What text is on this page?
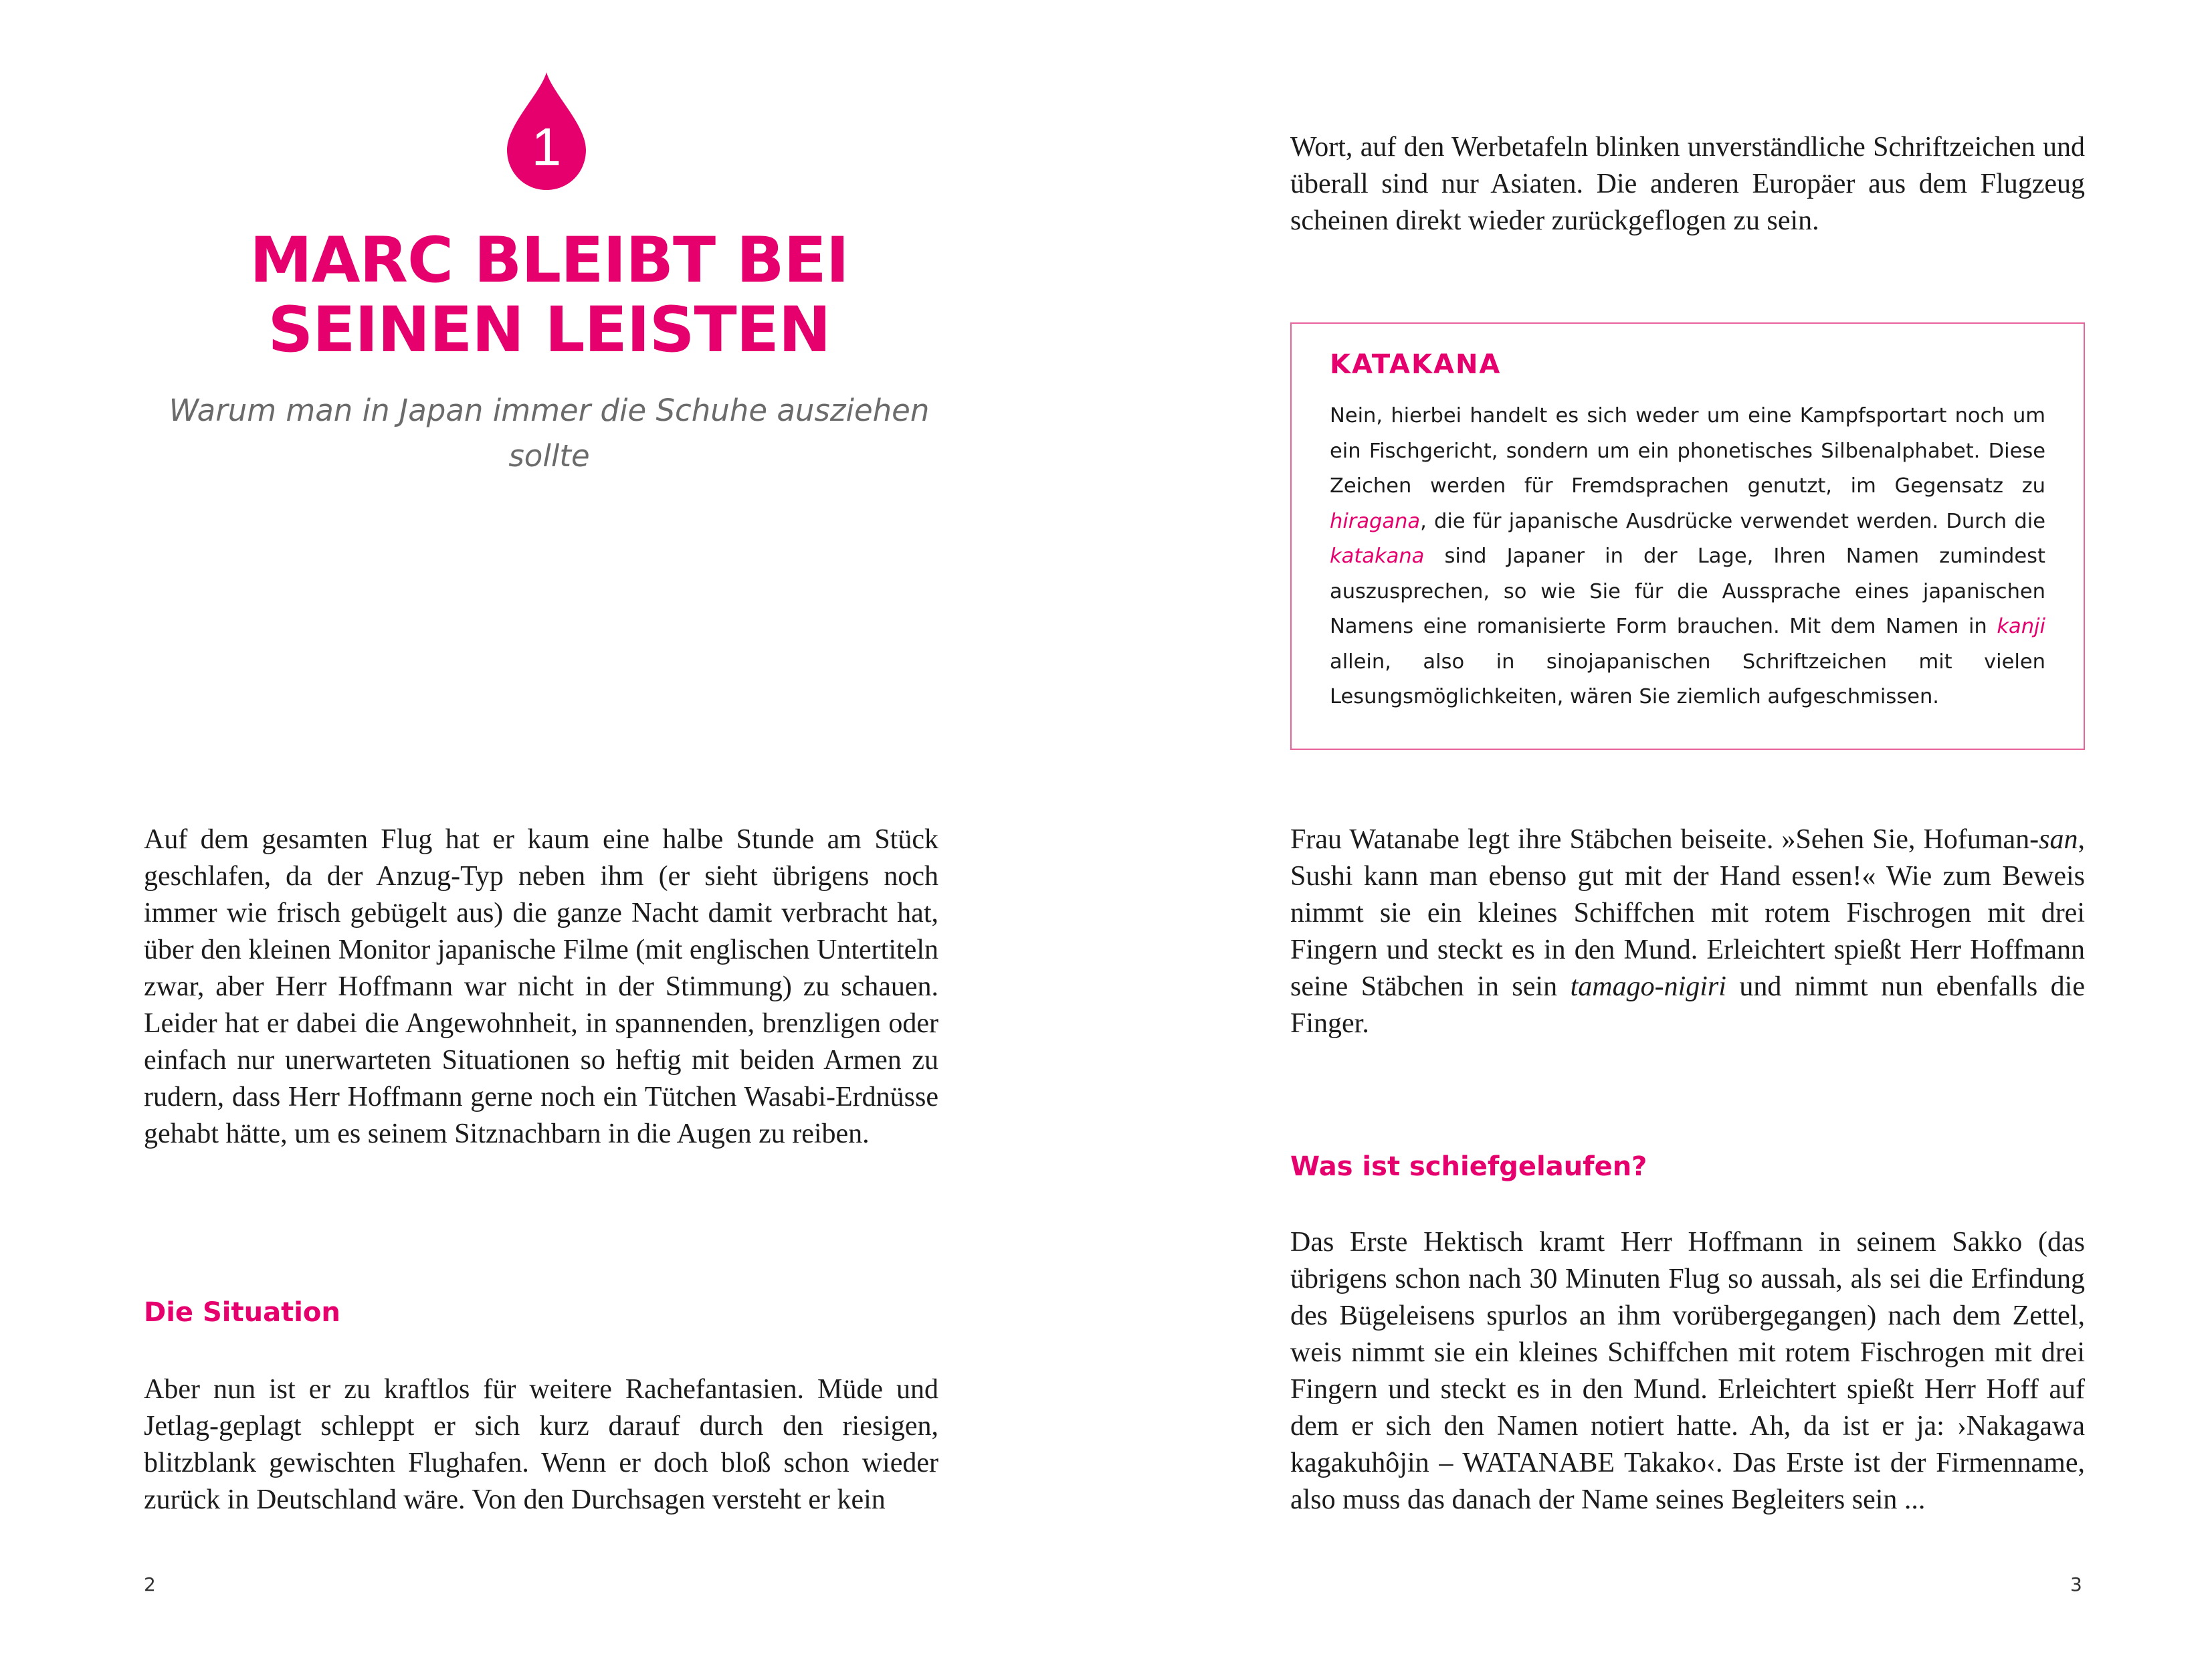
1
MARC BLEIBT BEI SEINEN LEISTEN

Warum man in Japan immer die Schuhe ausziehen sollte

Auf dem gesamten Flug hat er kaum eine halbe Stunde am Stück geschlafen, da der Anzug-Typ neben ihm (er sieht übrigens noch immer wie frisch gebügelt aus) die ganze Nacht damit verbracht hat, über den kleinen Monitor japanische Filme (mit englischen Untertiteln zwar, aber Herr Hoffmann war nicht in der Stimmung) zu schauen. Leider hat er dabei die Angewohnheit, in spannenden, brenzligen oder einfach nur unerwarteten Situationen so heftig mit beiden Armen zu rudern, dass Herr Hoffmann gerne noch ein Tütchen Wasabi-Erdnüsse gehabt hätte, um es seinem Sitznachbarn in die Augen zu reiben.

Die Situation

Aber nun ist er zu kraftlos für weitere Rachefantasien. Müde und Jetlag-geplagt schleppt er sich kurz darauf durch den riesigen, blitzblank gewischten Flughafen. Wenn er doch bloß schon wieder zurück in Deutschland wäre. Von den Durchsagen versteht er kein

2

Wort, auf den Werbetafeln blinken unverständliche Schriftzeichen und überall sind nur Asiaten. Die anderen Europäer aus dem Flugzeug scheinen direkt wieder zurückgeflogen zu sein.

KATAKANA

Nein, hierbei handelt es sich weder um eine Kampfsportart noch um ein Fischgericht, sondern um ein phonetisches Silbenalphabet. Diese Zeichen werden für Fremdsprachen genutzt, im Gegensatz zu hiragana, die für japanische Ausdrücke verwendet werden. Durch die katakana sind Japaner in der Lage, Ihren Namen zumindest auszusprechen, so wie Sie für die Aussprache eines japanischen Namens eine romanisierte Form brauchen. Mit dem Namen in kanji allein, also in sinojapanischen Schriftzeichen mit vielen Lesungsmöglichkeiten, wären Sie ziemlich aufgeschmissen.

Frau Watanabe legt ihre Stäbchen beiseite. »Sehen Sie, Hofuman-san, Sushi kann man ebenso gut mit der Hand essen!« Wie zum Beweis nimmt sie ein kleines Schiffchen mit rotem Fischrogen mit drei Fingern und steckt es in den Mund. Erleichtert spießt Herr Hoffmann seine Stäbchen in sein tamago-nigiri und nimmt nun ebenfalls die Finger.

Was ist schiefgelaufen?

Das Erste Hektisch kramt Herr Hoffmann in seinem Sakko (das übrigens schon nach 30 Minuten Flug so aussah, als sei die Erfindung des Bügeleisens spurlos an ihm vorübergegangen) nach dem Zettel, weis nimmt sie ein kleines Schiffchen mit rotem Fischrogen mit drei Fingern und steckt es in den Mund. Erleichtert spießt Herr Hoff auf dem er sich den Namen notiert hatte. Ah, da ist er ja: ›Nakagawa kagakuhôjin – WATANABE Takako‹. Das Erste ist der Firmenname, also muss das danach der Name seines Begleiters sein ...

3
